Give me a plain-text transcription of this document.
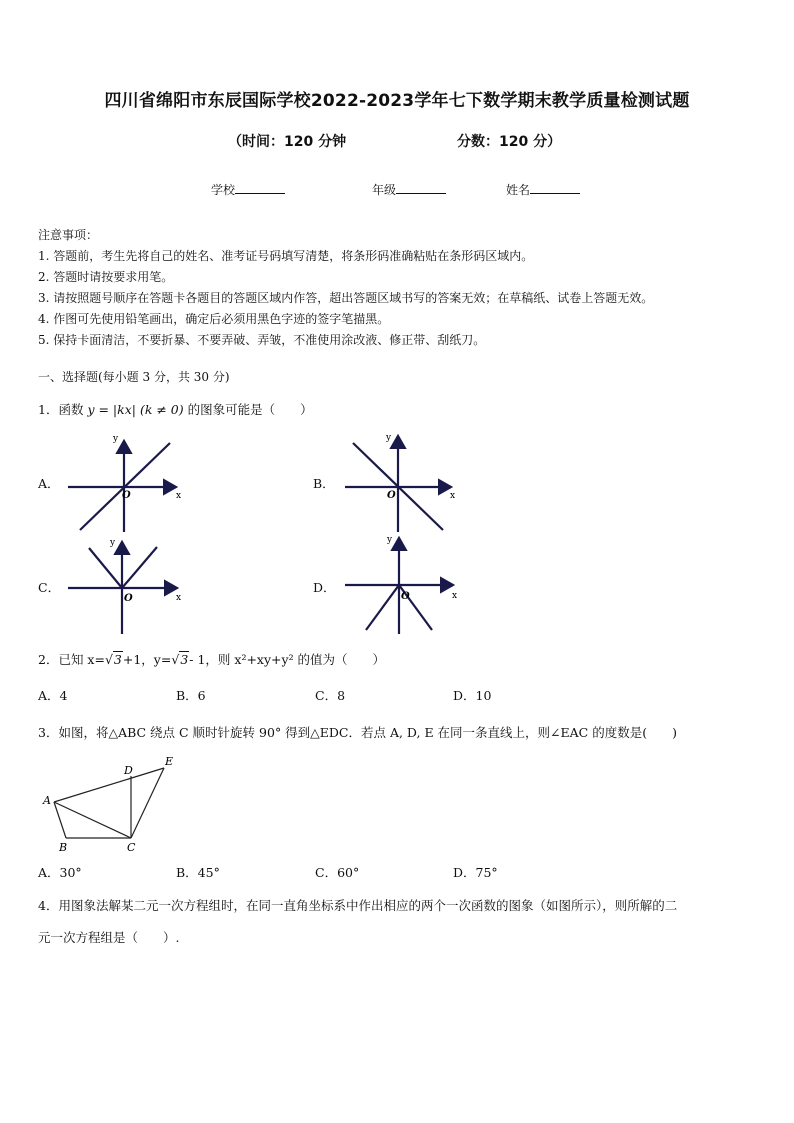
四川省绵阳市东辰国际学校2022-2023学年七下数学期末教学质量检测试题
（时间：120 分钟	分数：120 分）
学校	年级	姓名
注意事项：
1. 答题前，考生先将自己的姓名、准考证号码填写清楚，将条形码准确粘贴在条形码区域内。
2. 答题时请按要求用笔。
3. 请按照题号顺序在答题卡各题目的答题区域内作答，超出答题区域书写的答案无效；在草稿纸、试卷上答题无效。
4. 作图可先使用铅笔画出，确定后必须用黑色字迹的签字笔描黑。
5. 保持卡面清洁，不要折暴、不要弄破、弄皱，不准使用涂改液、修正带、刮纸刀。
一、选择题(每小题 3 分，共 30 分)
1．函数 y = |kx| (k ≠ 0) 的图象可能是（　　）
A．	B．
C．	D．
y
x
O
y
x
O
y
x
O
y
x
O
A
B	C
D
E
2．已知 x=√3+1，y=√3- 1，则 x²+xy+y² 的值为（　　）
A．4	B．6	C．8	D．10
3．如图，将△ABC 绕点 C 顺时针旋转 90° 得到△EDC．若点 A, D, E 在同一条直线上，则∠EAC 的度数是(　　)
A．30°	B．45°	C．60°	D．75°
4．用图象法解某二元一次方程组时，在同一直角坐标系中作出相应的两个一次函数的图象（如图所示），则所解的二
元一次方程组是（　　）.
